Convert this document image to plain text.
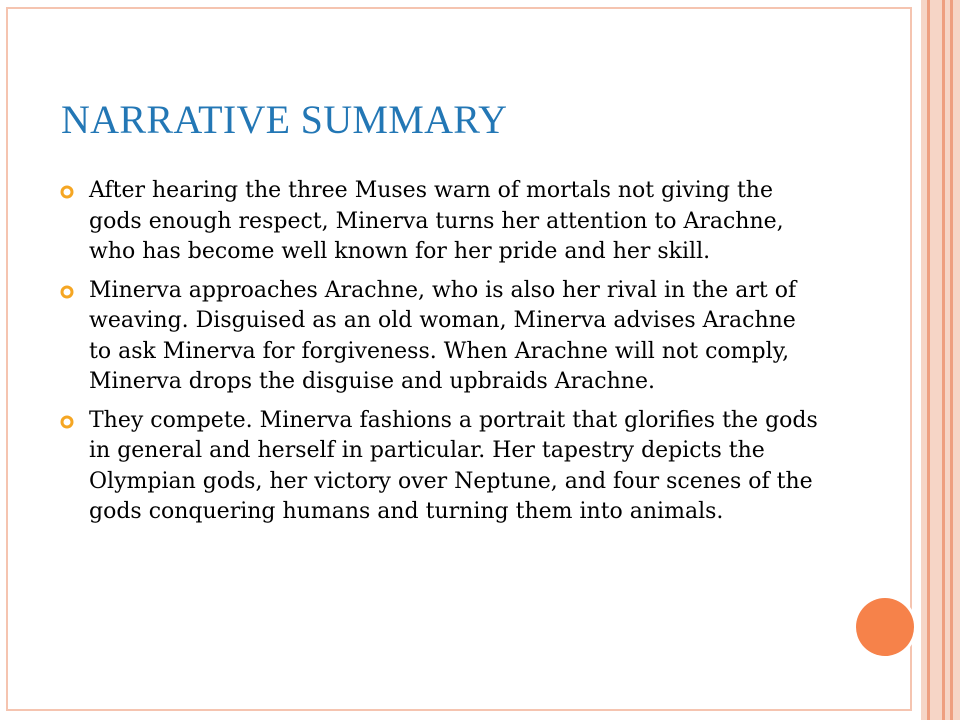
NARRATIVE SUMMARY
After hearing the three Muses warn of mortals not giving the gods enough respect, Minerva turns her attention to Arachne, who has become well known for her pride and her skill.
Minerva approaches Arachne, who is also her rival in the art of weaving. Disguised as an old woman, Minerva advises Arachne to ask Minerva for forgiveness. When Arachne will not comply, Minerva drops the disguise and upbraids Arachne.
They compete. Minerva fashions a portrait that glorifies the gods in general and herself in particular. Her tapestry depicts the Olympian gods, her victory over Neptune, and four scenes of the gods conquering humans and turning them into animals.
